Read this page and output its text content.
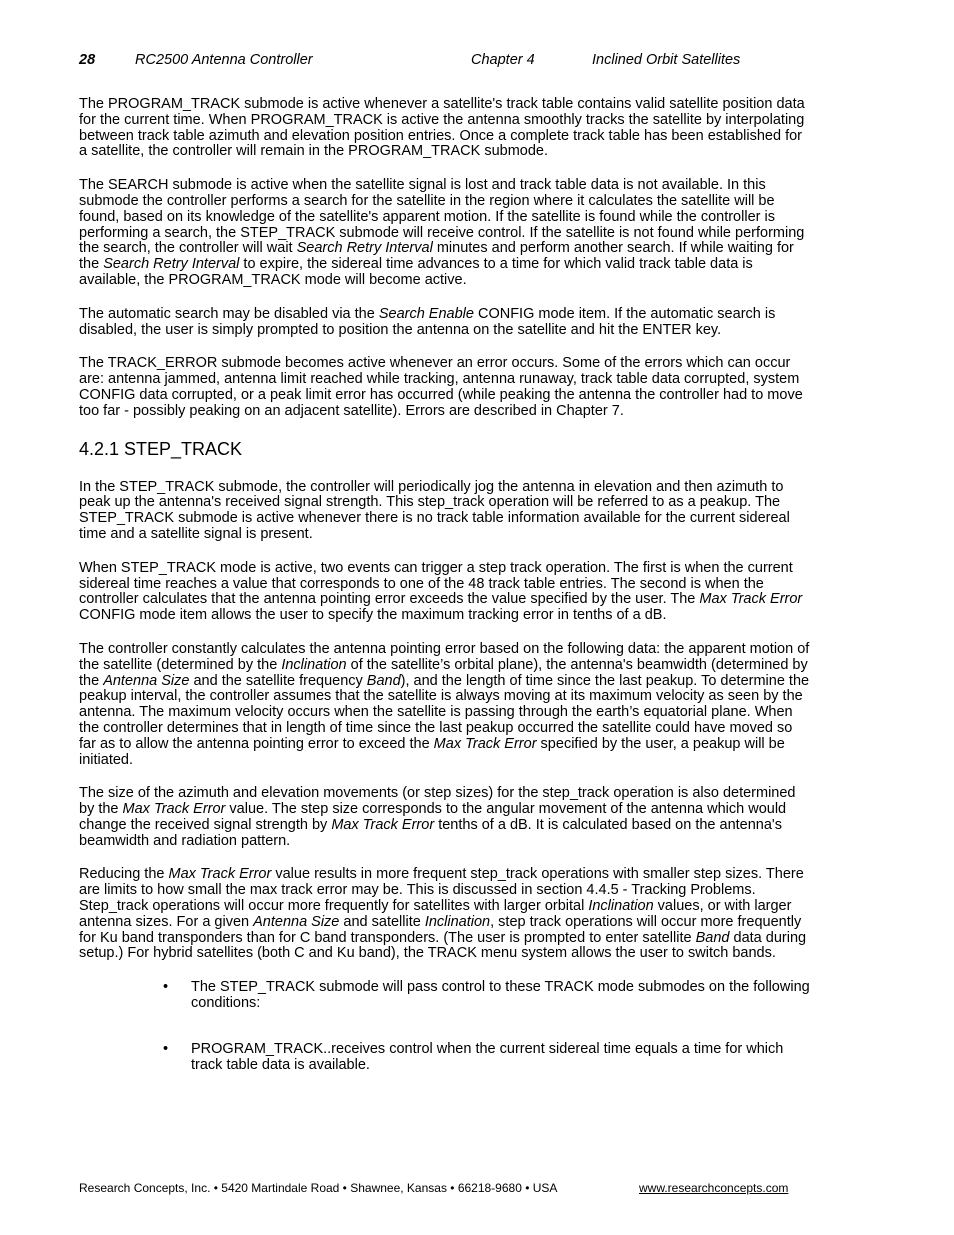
28	RC2500 Antenna Controller	Chapter 4	Inclined Orbit Satellites

The PROGRAM_TRACK submode is active whenever a satellite's track table contains valid satellite position data for the current time. When PROGRAM_TRACK is active the antenna smoothly tracks the satellite by interpolating between track table azimuth and elevation position entries. Once a complete track table has been established for a satellite, the controller will remain in the PROGRAM_TRACK submode.

The SEARCH submode is active when the satellite signal is lost and track table data is not available. In this submode the controller performs a search for the satellite in the region where it calculates the satellite will be found, based on its knowledge of the satellite's apparent motion. If the satellite is found while the controller is performing a search, the STEP_TRACK submode will receive control. If the satellite is not found while performing the search, the controller will wait Search Retry Interval minutes and perform another search. If while waiting for the Search Retry Interval to expire, the sidereal time advances to a time for which valid track table data is available, the PROGRAM_TRACK mode will become active.

The automatic search may be disabled via the Search Enable CONFIG mode item. If the automatic search is disabled, the user is simply prompted to position the antenna on the satellite and hit the ENTER key.

The TRACK_ERROR submode becomes active whenever an error occurs. Some of the errors which can occur are: antenna jammed, antenna limit reached while tracking, antenna runaway, track table data corrupted, system CONFIG data corrupted, or a peak limit error has occurred (while peaking the antenna the controller had to move too far - possibly peaking on an adjacent satellite). Errors are described in Chapter 7.

4.2.1 STEP_TRACK

In the STEP_TRACK submode, the controller will periodically jog the antenna in elevation and then azimuth to peak up the antenna's received signal strength. This step_track operation will be referred to as a peakup. The STEP_TRACK submode is active whenever there is no track table information available for the current sidereal time and a satellite signal is present.

When STEP_TRACK mode is active, two events can trigger a step track operation. The first is when the current sidereal time reaches a value that corresponds to one of the 48 track table entries. The second is when the controller calculates that the antenna pointing error exceeds the value specified by the user. The Max Track Error CONFIG mode item allows the user to specify the maximum tracking error in tenths of a dB.

The controller constantly calculates the antenna pointing error based on the following data: the apparent motion of the satellite (determined by the Inclination of the satellite’s orbital plane), the antenna's beamwidth (determined by the Antenna Size and the satellite frequency Band), and the length of time since the last peakup. To determine the peakup interval, the controller assumes that the satellite is always moving at its maximum velocity as seen by the antenna. The maximum velocity occurs when the satellite is passing through the earth’s equatorial plane. When the controller determines that in length of time since the last peakup occurred the satellite could have moved so far as to allow the antenna pointing error to exceed the Max Track Error specified by the user, a peakup will be initiated.

The size of the azimuth and elevation movements (or step sizes) for the step_track operation is also determined by the Max Track Error value. The step size corresponds to the angular movement of the antenna which would change the received signal strength by Max Track Error tenths of a dB. It is calculated based on the antenna's beamwidth and radiation pattern.

Reducing the Max Track Error value results in more frequent step_track operations with smaller step sizes. There are limits to how small the max track error may be. This is discussed in section 4.4.5 - Tracking Problems. Step_track operations will occur more frequently for satellites with larger orbital Inclination values, or with larger antenna sizes. For a given Antenna Size and satellite Inclination, step track operations will occur more frequently for Ku band transponders than for C band transponders. (The user is prompted to enter satellite Band data during setup.) For hybrid satellites (both C and Ku band), the TRACK menu system allows the user to switch bands.

• The STEP_TRACK submode will pass control to these TRACK mode submodes on the following conditions:
• PROGRAM_TRACK..receives control when the current sidereal time equals a time for which track table data is available.
Research Concepts, Inc. • 5420 Martindale Road • Shawnee, Kansas • 66218-9680 • USA	www.researchconcepts.com
